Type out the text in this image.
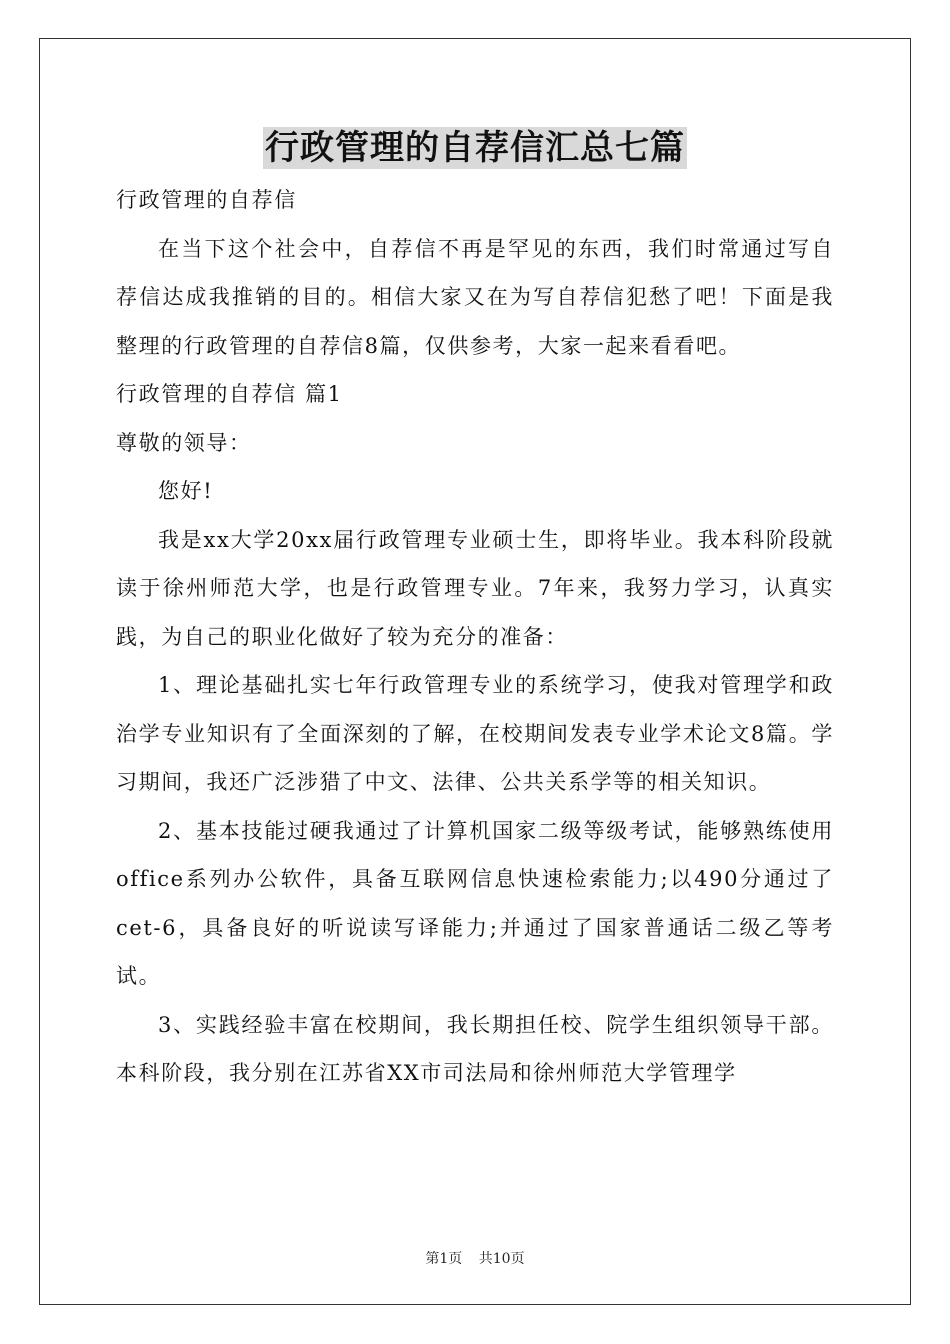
行政管理的自荐信汇总七篇

行政管理的自荐信

在当下这个社会中，自荐信不再是罕见的东西，我们时常通过写自荐信达成我推销的目的。相信大家又在为写自荐信犯愁了吧！下面是我整理的行政管理的自荐信8篇，仅供参考，大家一起来看看吧。

行政管理的自荐信 篇1

尊敬的领导：

您好!

我是xx大学20xx届行政管理专业硕士生，即将毕业。我本科阶段就读于徐州师范大学，也是行政管理专业。7年来，我努力学习，认真实践，为自己的职业化做好了较为充分的准备：

1、理论基础扎实七年行政管理专业的系统学习，使我对管理学和政治学专业知识有了全面深刻的了解，在校期间发表专业学术论文8篇。学习期间，我还广泛涉猎了中文、法律、公共关系学等的相关知识。

2、基本技能过硬我通过了计算机国家二级等级考试，能够熟练使用office系列办公软件，具备互联网信息快速检索能力;以490分通过了cet-6，具备良好的听说读写译能力;并通过了国家普通话二级乙等考试。

3、实践经验丰富在校期间，我长期担任校、院学生组织领导干部。本科阶段，我分别在江苏省XX市司法局和徐州师范大学管理学

第1页 共10页
